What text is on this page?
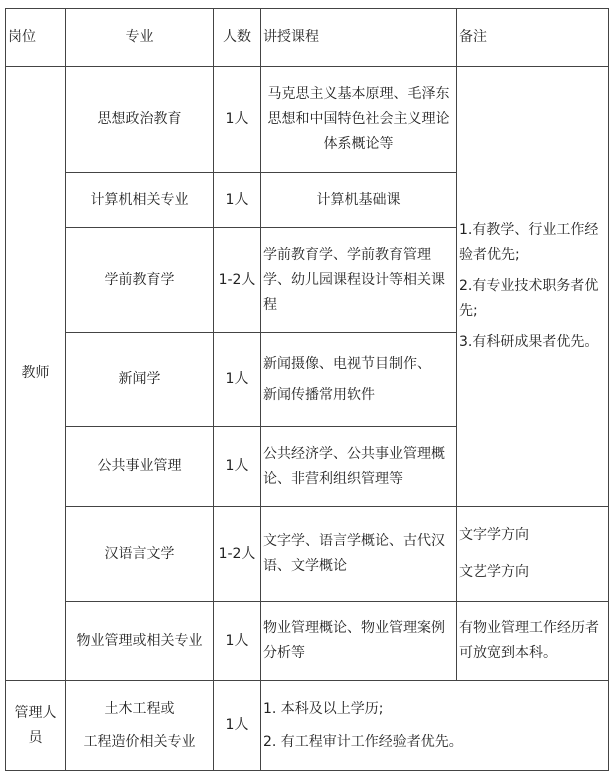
岗位	专业	人数	讲授课程	备注
教师	思想政治教育	1人	马克思主义基本原理、毛泽东思想和中国特色社会主义理论体系概论等	1.有教学、行业工作经验者优先;
2.有专业技术职务者优先;
3.有科研成果者优先。

	计算机相关专业	1人	计算机基础课	
	学前教育学	1-2人	学前教育学、学前教育管理学、幼儿园课程设计等相关课程	
	新闻学	1人	新闻摄像、电视节目制作、
新闻传播常用软件	

	公共事业管理	1人	公共经济学、公共事业管理概论、非营利组织管理等	
	汉语言文学	1-2人	文字学、语言学概论、古代汉语、文学概论	文字学方向
文艺学方向

	物业管理或相关专业	1人	物业管理概论、物业管理案例分析等	有物业管理工作经历者可放宽到本科。
管理人员	土木工程或
工程造价相关专业	1人	1. 本科及以上学历;
2. 有工程审计工作经验者优先。	
